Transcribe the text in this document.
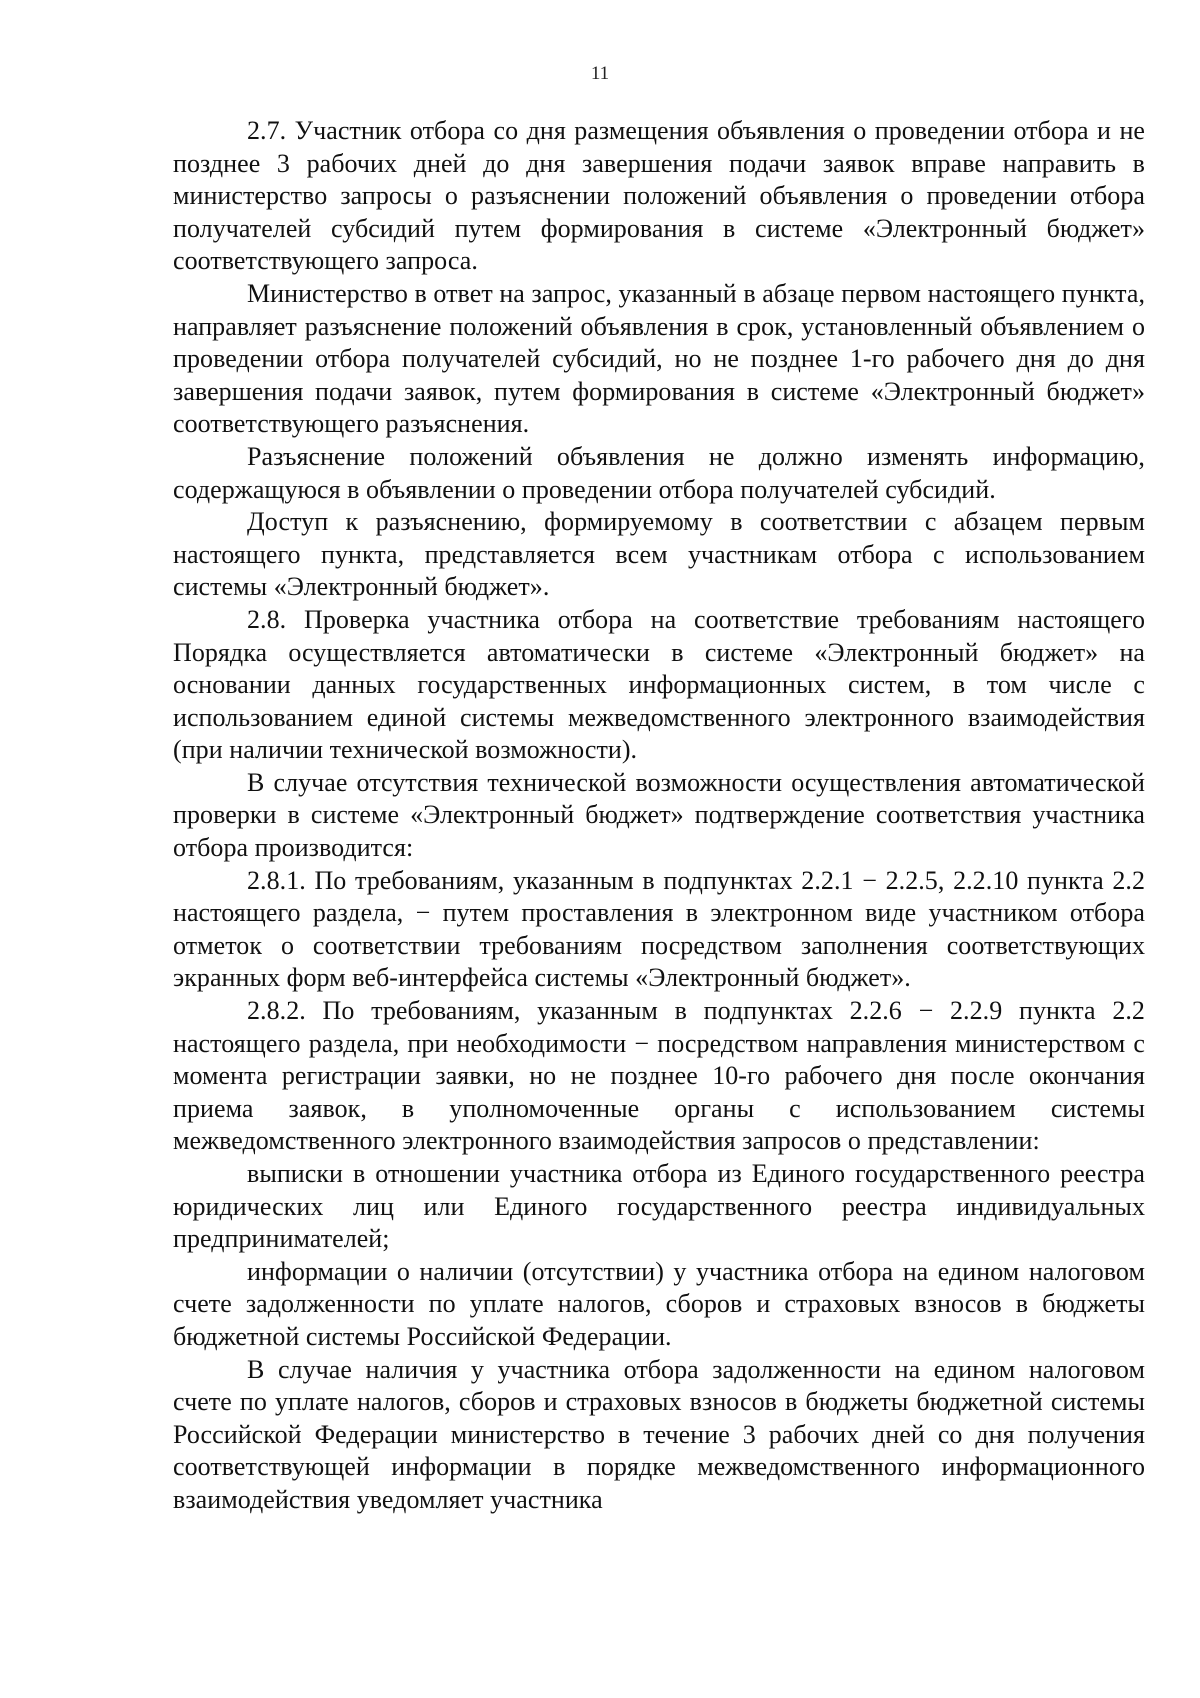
11

2.7. Участник отбора со дня размещения объявления о проведении отбора и не позднее 3 рабочих дней до дня завершения подачи заявок вправе направить в министерство запросы о разъяснении положений объявления о проведении отбора получателей субсидий путем формирования в системе «Электронный бюджет» соответствующего запроса.

Министерство в ответ на запрос, указанный в абзаце первом настоящего пункта, направляет разъяснение положений объявления в срок, установленный объявлением о проведении отбора получателей субсидий, но не позднее 1-го рабочего дня до дня завершения подачи заявок, путем формирования в системе «Электронный бюджет» соответствующего разъяснения.

Разъяснение положений объявления не должно изменять информацию, содержащуюся в объявлении о проведении отбора получателей субсидий.

Доступ к разъяснению, формируемому в соответствии с абзацем первым настоящего пункта, представляется всем участникам отбора с использованием системы «Электронный бюджет».

2.8. Проверка участника отбора на соответствие требованиям настоящего Порядка осуществляется автоматически в системе «Электронный бюджет» на основании данных государственных информационных систем, в том числе с использованием единой системы межведомственного электронного взаимодействия (при наличии технической возможности).

В случае отсутствия технической возможности осуществления автоматической проверки в системе «Электронный бюджет» подтверждение соответствия участника отбора производится:

2.8.1. По требованиям, указанным в подпунктах 2.2.1 − 2.2.5, 2.2.10 пункта 2.2 настоящего раздела, − путем проставления в электронном виде участником отбора отметок о соответствии требованиям посредством заполнения соответствующих экранных форм веб-интерфейса системы «Электронный бюджет».

2.8.2. По требованиям, указанным в подпунктах 2.2.6 − 2.2.9 пункта 2.2 настоящего раздела, при необходимости − посредством направления министерством с момента регистрации заявки, но не позднее 10-го рабочего дня после окончания приема заявок, в уполномоченные органы с использованием системы межведомственного электронного взаимодействия запросов о представлении:

выписки в отношении участника отбора из Единого государственного реестра юридических лиц или Единого государственного реестра индивидуальных предпринимателей;

информации о наличии (отсутствии) у участника отбора на едином налоговом счете задолженности по уплате налогов, сборов и страховых взносов в бюджеты бюджетной системы Российской Федерации.

В случае наличия у участника отбора задолженности на едином налоговом счете по уплате налогов, сборов и страховых взносов в бюджеты бюджетной системы Российской Федерации министерство в течение 3 рабочих дней со дня получения соответствующей информации в порядке межведомственного информационного взаимодействия уведомляет участника
